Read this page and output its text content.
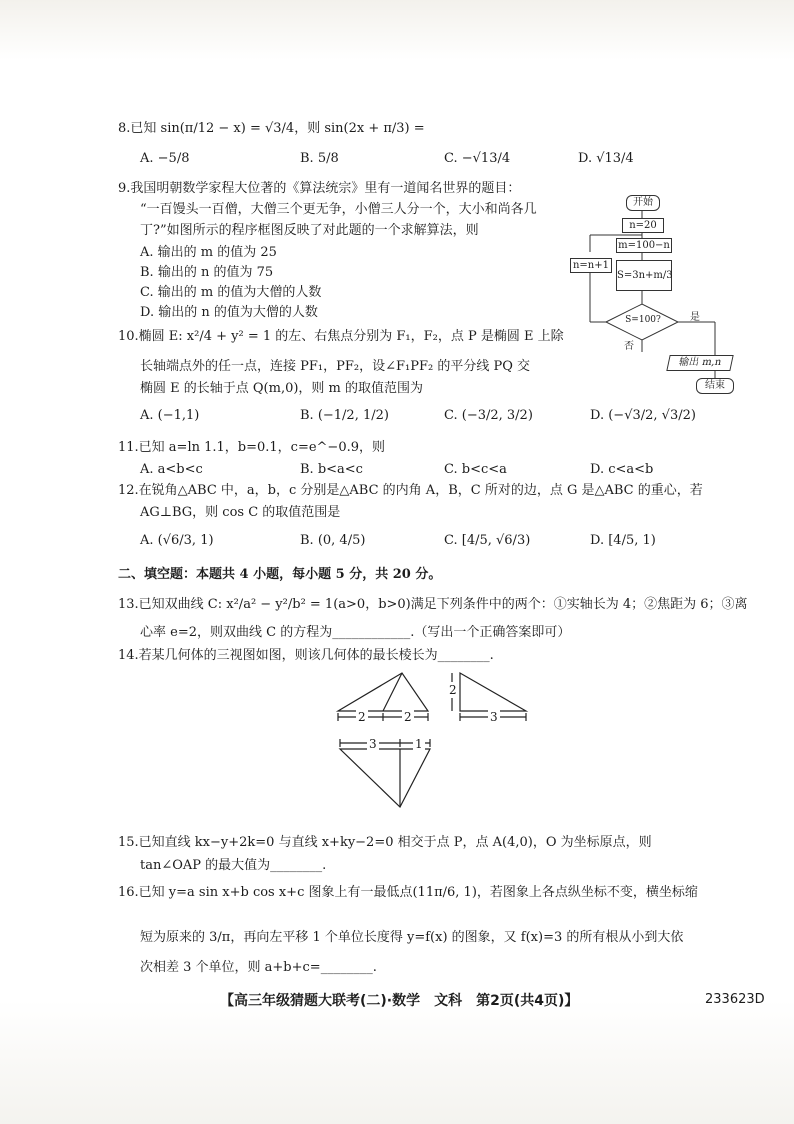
8.已知 sin(π/12 − x) = √3/4，则 sin(2x + π/3) =
A. −5/8	B. 5/8	C. −√13/4	D. √13/4
9.我国明朝数学家程大位著的《算法统宗》里有一道闻名世界的题目：
“一百馒头一百僧，大僧三个更无争，小僧三人分一个，大小和尚各几
丁?”如图所示的程序框图反映了对此题的一个求解算法，则
A. 输出的 m 的值为 25
B. 输出的 n 的值为 75
C. 输出的 m 的值为大僧的人数
D. 输出的 n 的值为大僧的人数
开始
n=20
m=100−n
S=3n+m/3
n=n+1
S=100?	是
否
输出 m,n
结束
10.椭圆 E: x²/4 + y² = 1 的左、右焦点分别为 F₁，F₂，点 P 是椭圆 E 上除
长轴端点外的任一点，连接 PF₁，PF₂，设∠F₁PF₂ 的平分线 PQ 交
椭圆 E 的长轴于点 Q(m,0)，则 m 的取值范围为
A. (−1,1)	B. (−1/2, 1/2)	C. (−3/2, 3/2)	D. (−√3/2, √3/2)
11.已知 a=ln 1.1，b=0.1，c=e^−0.9，则
A. a<b<c	B. b<a<c	C. b<c<a	D. c<a<b
12.在锐角△ABC 中，a，b，c 分别是△ABC 的内角 A，B，C 所对的边，点 G 是△ABC 的重心，若
AG⊥BG，则 cos C 的取值范围是
A. (√6/3, 1)	B. (0, 4/5)	C. [4/5, √6/3)	D. [4/5, 1)
二、填空题：本题共 4 小题，每小题 5 分，共 20 分。
13.已知双曲线 C: x²/a² − y²/b² = 1(a>0，b>0)满足下列条件中的两个：①实轴长为 4；②焦距为 6；③离
心率 e=2，则双曲线 C 的方程为____________.（写出一个正确答案即可）
14.若某几何体的三视图如图，则该几何体的最长棱长为________.
2	2
2
3
3	1
15.已知直线 kx−y+2k=0 与直线 x+ky−2=0 相交于点 P，点 A(4,0)，O 为坐标原点，则
tan∠OAP 的最大值为________.
16.已知 y=a sin x+b cos x+c 图象上有一最低点(11π/6, 1)，若图象上各点纵坐标不变，横坐标缩
短为原来的 3/π，再向左平移 1 个单位长度得 y=f(x) 的图象，又 f(x)=3 的所有根从小到大依
次相差 3 个单位，则 a+b+c=________.
【高三年级猜题大联考(二)·数学　文科　第2页(共4页)】	233623D
